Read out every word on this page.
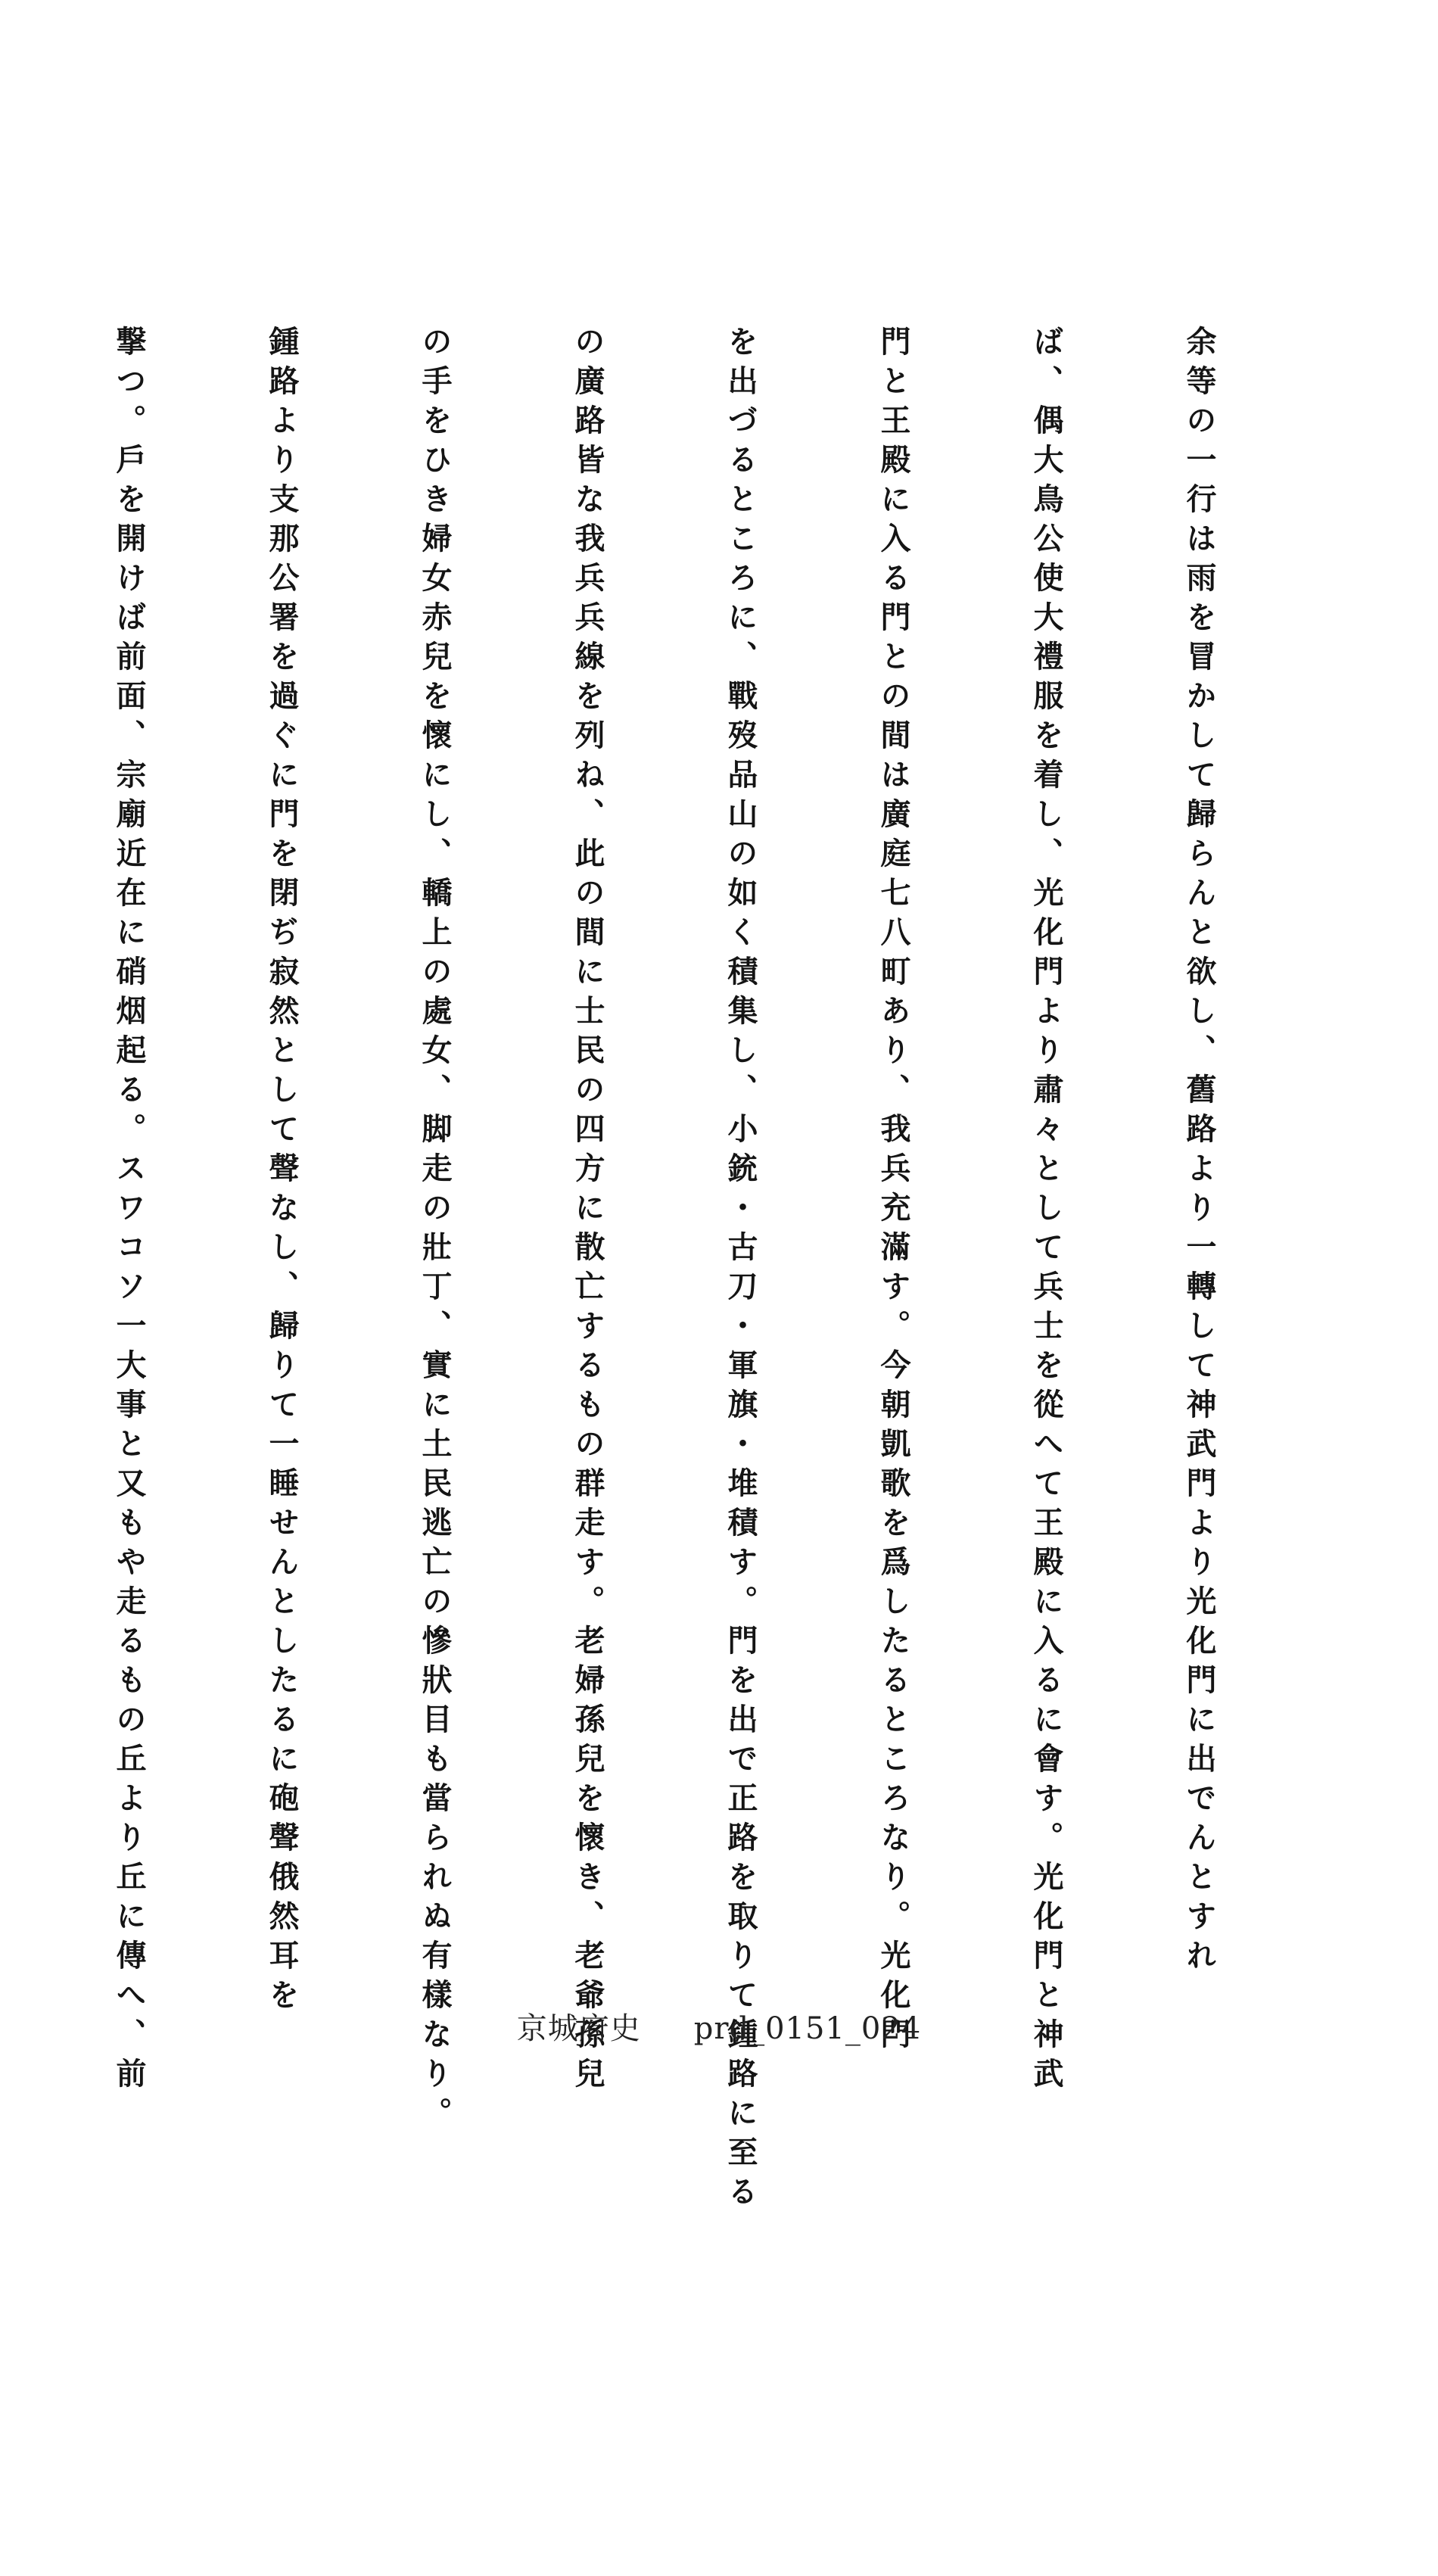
余等の一行は雨を冒かして歸らんと欲し、舊路より一轉して神武門より光化門に出でんとすれ

ば、偶大鳥公使大禮服を着し、光化門より肅々として兵士を從へて王殿に入るに會す。光化門と神武

門と王殿に入る門との間は廣庭七八町あり、我兵充滿す。今朝凱歌を爲したるところなり。光化門

を出づるところに、戰歿品山の如く積集し、小銃・古刀・軍旗・堆積す。門を出で正路を取りて鍾路に至る

の廣路皆な我兵兵線を列ね、此の間に士民の四方に散亡するもの群走す。老婦孫兒を懷き、老爺孫兒

の手をひき婦女赤兒を懷にし、轎上の處女、脚走の壯丁、實に土民逃亡の慘狀目も當られぬ有樣なり。

鍾路より支那公署を過ぐに門を閉ぢ寂然として聲なし、歸りて一睡せんとしたるに砲聲俄然耳を

撃つ。戶を開けば前面、宗廟近在に硝烟起る。スワコソ一大事と又もや走るもの丘より丘に傳へ、前	京城府史 prd_0151_024
